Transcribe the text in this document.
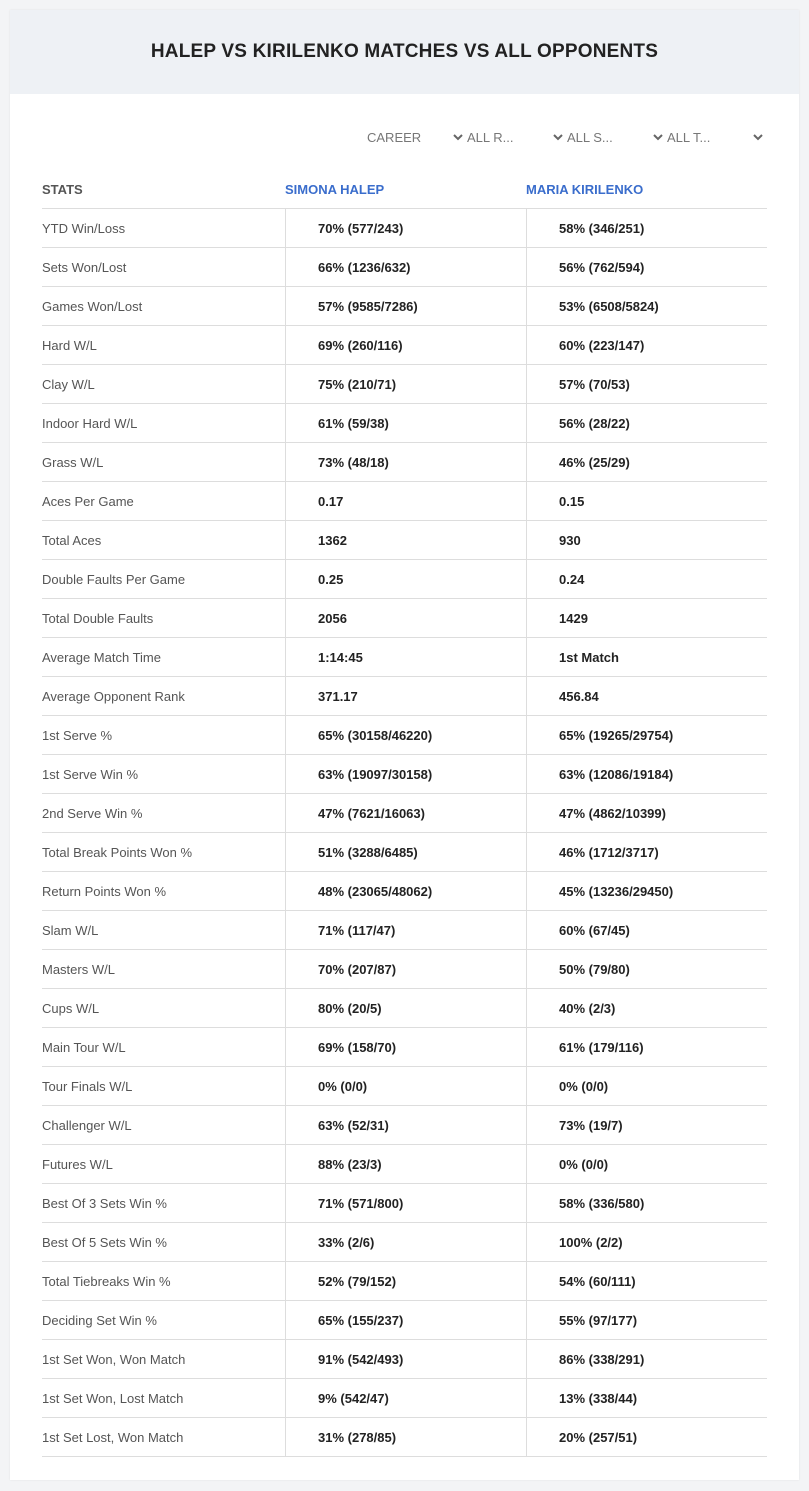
HALEP VS KIRILENKO MATCHES VS ALL OPPONENTS
CAREER	ALL R...	ALL S...	ALL T...
STATS	SIMONA HALEP	MARIA KIRILENKO
YTD Win/Loss	70% (577/243)	58% (346/251)
Sets Won/Lost	66% (1236/632)	56% (762/594)
Games Won/Lost	57% (9585/7286)	53% (6508/5824)
Hard W/L	69% (260/116)	60% (223/147)
Clay W/L	75% (210/71)	57% (70/53)
Indoor Hard W/L	61% (59/38)	56% (28/22)
Grass W/L	73% (48/18)	46% (25/29)
Aces Per Game	0.17	0.15
Total Aces	1362	930
Double Faults Per Game	0.25	0.24
Total Double Faults	2056	1429
Average Match Time	1:14:45	1st Match
Average Opponent Rank	371.17	456.84
1st Serve %	65% (30158/46220)	65% (19265/29754)
1st Serve Win %	63% (19097/30158)	63% (12086/19184)
2nd Serve Win %	47% (7621/16063)	47% (4862/10399)
Total Break Points Won %	51% (3288/6485)	46% (1712/3717)
Return Points Won %	48% (23065/48062)	45% (13236/29450)
Slam W/L	71% (117/47)	60% (67/45)
Masters W/L	70% (207/87)	50% (79/80)
Cups W/L	80% (20/5)	40% (2/3)
Main Tour W/L	69% (158/70)	61% (179/116)
Tour Finals W/L	0% (0/0)	0% (0/0)
Challenger W/L	63% (52/31)	73% (19/7)
Futures W/L	88% (23/3)	0% (0/0)
Best Of 3 Sets Win %	71% (571/800)	58% (336/580)
Best Of 5 Sets Win %	33% (2/6)	100% (2/2)
Total Tiebreaks Win %	52% (79/152)	54% (60/111)
Deciding Set Win %	65% (155/237)	55% (97/177)
1st Set Won, Won Match	91% (542/493)	86% (338/291)
1st Set Won, Lost Match	9% (542/47)	13% (338/44)
1st Set Lost, Won Match	31% (278/85)	20% (257/51)
